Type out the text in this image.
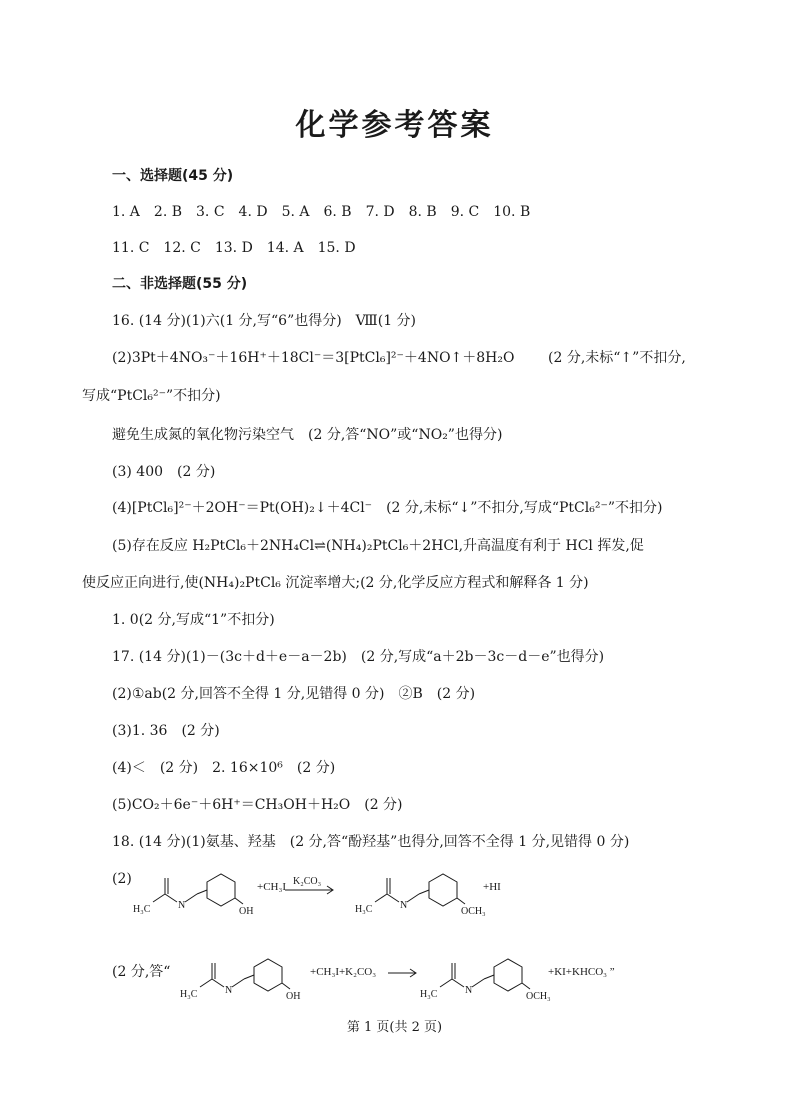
化学参考答案
一、选择题(45 分)
1. A　2. B　3. C　4. D　5. A　6. B　7. D　8. B　9. C　10. B
11. C　12. C　13. D　14. A　15. D
二、非选择题(55 分)
16. (14 分)(1)六(1 分,写“6”也得分)　Ⅷ(1 分)
(2)3Pt＋4NO₃⁻＋16H⁺＋18Cl⁻＝3[PtCl₆]²⁻＋4NO↑＋8H₂O (2 分,未标“↑”不扣分,
写成“PtCl₆²⁻”不扣分)
避免生成氮的氧化物污染空气　(2 分,答“NO”或“NO₂”也得分)
(3) 400　(2 分)
(4)[PtCl₆]²⁻＋2OH⁻＝Pt(OH)₂↓＋4Cl⁻　(2 分,未标“↓”不扣分,写成“PtCl₆²⁻”不扣分)
(5)存在反应 H₂PtCl₆＋2NH₄Cl⇌(NH₄)₂PtCl₆＋2HCl,升高温度有利于 HCl 挥发,促
使反应正向进行,使(NH₄)₂PtCl₆ 沉淀率增大;(2 分,化学反应方程式和解释各 1 分)
1. 0(2 分,写成“1”不扣分)
17. (14 分)(1)－(3c＋d＋e－a－2b)　(2 分,写成“a＋2b－3c－d－e”也得分)
(2)①ab(2 分,回答不全得 1 分,见错得 0 分)　②B　(2 分)
(3)1. 36　(2 分)
(4)＜　(2 分)　2. 16×10⁶　(2 分)
(5)CO₂＋6e⁻＋6H⁺＝CH₃OH＋H₂O　(2 分)
18. (14 分)(1)氨基、羟基　(2 分,答“酚羟基”也得分,回答不全得 1 分,见错得 0 分)
(2)
H₃C	N
OH
+CH₃I K₂CO₃
H₃C	N
OCH₃
+HI
(2 分,答“
H₃C	N
OH
+CH₃I+K₂CO₃
H₃C	N
OCH₃
+KI+KHCO₃ ”
第 1 页(共 2 页)
